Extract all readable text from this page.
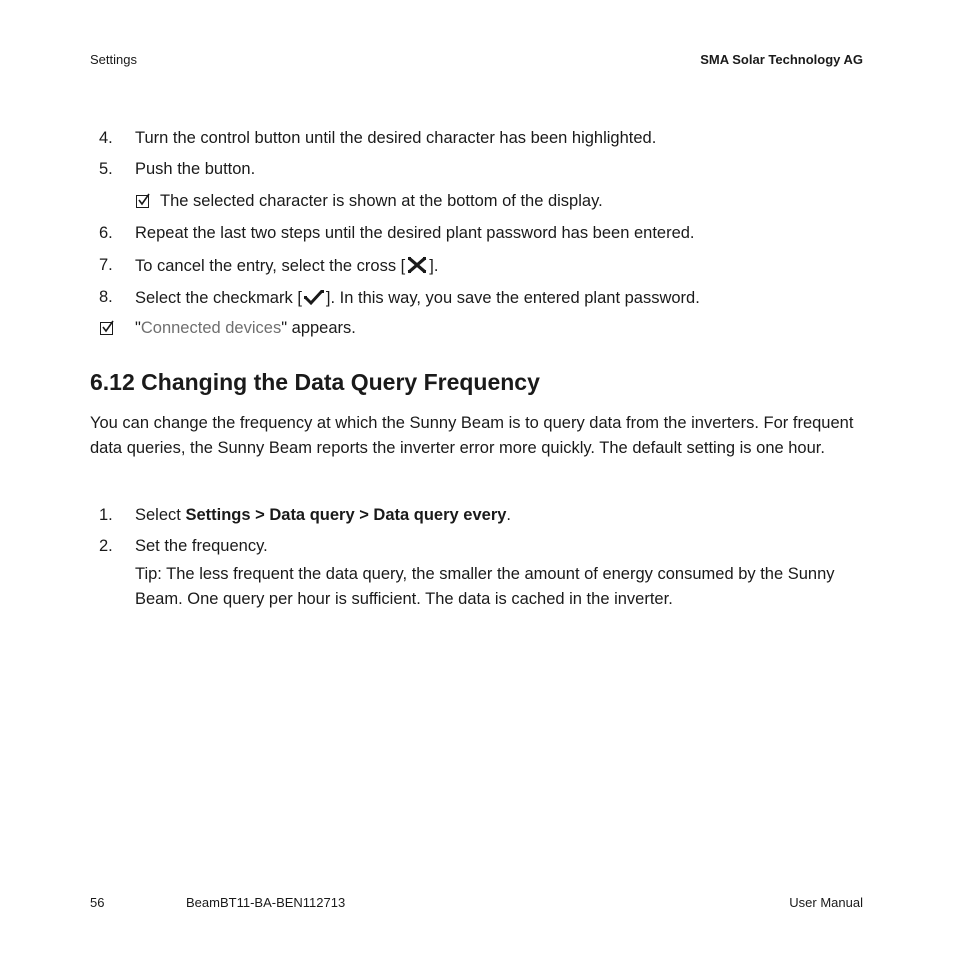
Settings	SMA Solar Technology AG
4. Turn the control button until the desired character has been highlighted.
5. Push the button.
The selected character is shown at the bottom of the display.
6. Repeat the last two steps until the desired plant password has been entered.
7. To cancel the entry, select the cross [ ].
8. Select the checkmark [ ]. In this way, you save the entered plant password.
"Connected devices" appears.
6.12 Changing the Data Query Frequency

You can change the frequency at which the Sunny Beam is to query data from the inverters. For frequent data queries, the Sunny Beam reports the inverter error more quickly. The default setting is one hour.

1. Select Settings > Data query > Data query every.
2. Set the frequency.

Tip: The less frequent the data query, the smaller the amount of energy consumed by the Sunny Beam. One query per hour is sufficient. The data is cached in the inverter.

56	BeamBT11-BA-BEN112713	User Manual
